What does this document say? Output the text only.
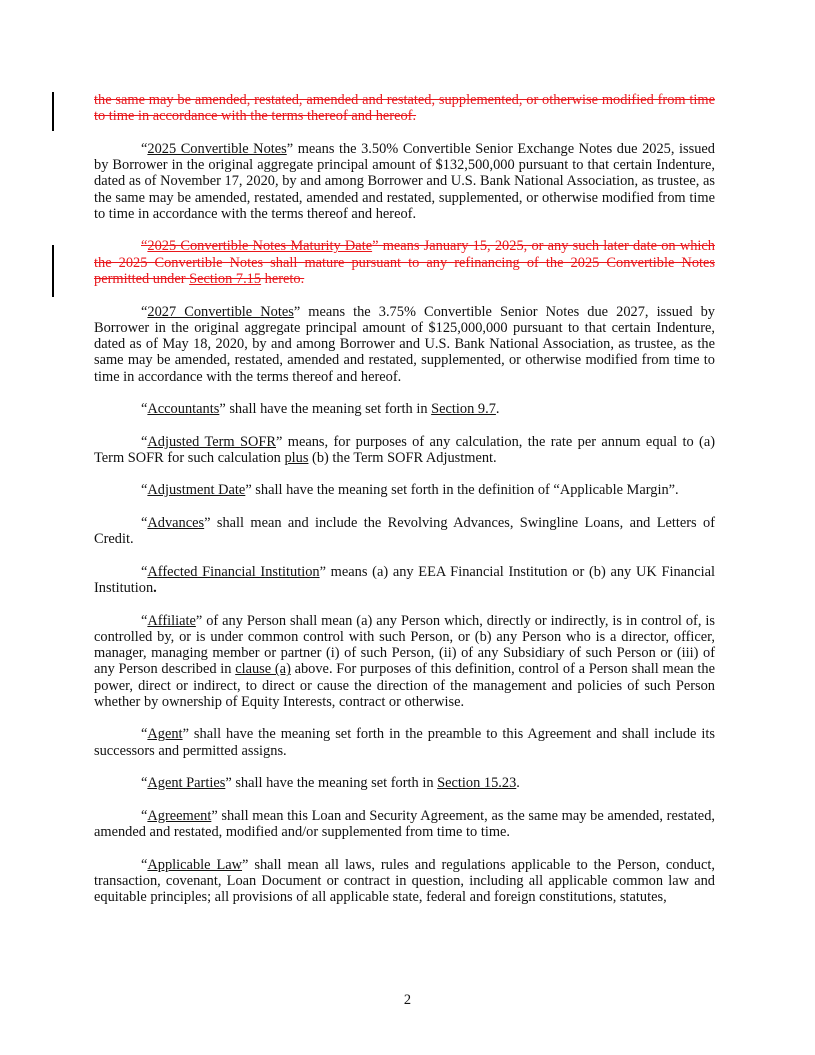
the same may be amended, restated, amended and restated, supplemented, or otherwise modified from time to time in accordance with the terms thereof and hereof.

“2025 Convertible Notes” means the 3.50% Convertible Senior Exchange Notes due 2025, issued by Borrower in the original aggregate principal amount of $132,500,000 pursuant to that certain Indenture, dated as of November 17, 2020, by and among Borrower and U.S. Bank National Association, as trustee, as the same may be amended, restated, amended and restated, supplemented, or otherwise modified from time to time in accordance with the terms thereof and hereof.

“2025 Convertible Notes Maturity Date” means January 15, 2025, or any such later date on which the 2025 Convertible Notes shall mature pursuant to any refinancing of the 2025 Convertible Notes permitted under Section 7.15 hereto.

“2027 Convertible Notes” means the 3.75% Convertible Senior Notes due 2027, issued by Borrower in the original aggregate principal amount of $125,000,000 pursuant to that certain Indenture, dated as of May 18, 2020, by and among Borrower and U.S. Bank National Association, as trustee, as the same may be amended, restated, amended and restated, supplemented, or otherwise modified from time to time in accordance with the terms thereof and hereof.

“Accountants” shall have the meaning set forth in Section 9.7.

“Adjusted Term SOFR” means, for purposes of any calculation, the rate per annum equal to (a) Term SOFR for such calculation plus (b) the Term SOFR Adjustment.

“Adjustment Date” shall have the meaning set forth in the definition of “Applicable Margin”.

“Advances” shall mean and include the Revolving Advances, Swingline Loans, and Letters of Credit.

“Affected Financial Institution” means (a) any EEA Financial Institution or (b) any UK Financial Institution.

“Affiliate” of any Person shall mean (a) any Person which, directly or indirectly, is in control of, is controlled by, or is under common control with such Person, or (b) any Person who is a director, officer, manager, managing member or partner (i) of such Person, (ii) of any Subsidiary of such Person or (iii) of any Person described in clause (a) above. For purposes of this definition, control of a Person shall mean the power, direct or indirect, to direct or cause the direction of the management and policies of such Person whether by ownership of Equity Interests, contract or otherwise.

“Agent” shall have the meaning set forth in the preamble to this Agreement and shall include its successors and permitted assigns.

“Agent Parties” shall have the meaning set forth in Section 15.23.

“Agreement” shall mean this Loan and Security Agreement, as the same may be amended, restated, amended and restated, modified and/or supplemented from time to time.

“Applicable Law” shall mean all laws, rules and regulations applicable to the Person, conduct, transaction, covenant, Loan Document or contract in question, including all applicable common law and equitable principles; all provisions of all applicable state, federal and foreign constitutions, statutes,

2
